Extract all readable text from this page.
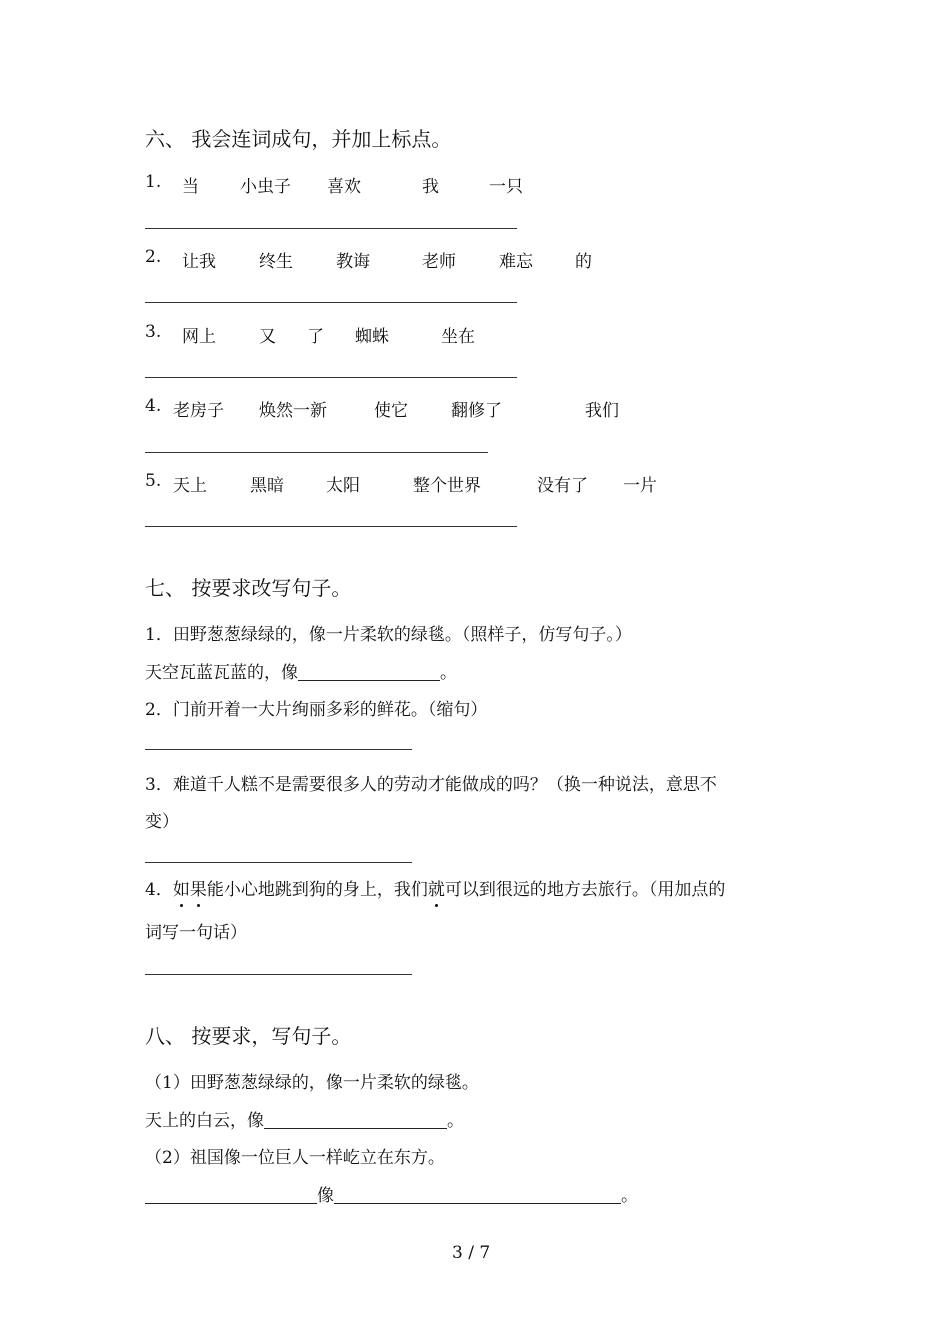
六、 我会连词成句，并加上标点。
1. 当 小虫子 喜欢	我	一只
2. 让我	终生	教诲	老师	难忘 的
3. 网上	又 了 蜘蛛	坐在
4. 老房子 焕然一新	使它	翻修了	我们
5. 天上	黑暗 太阳	整个世界	没有了 一片
七、 按要求改写句子。
1．田野葱葱绿绿的，像一片柔软的绿毯。（照样子，仿写句子。）
天空瓦蓝瓦蓝的，像	。
2．门前开着一大片绚丽多彩的鲜花。（缩句）
3．难道千人糕不是需要很多人的劳动才能做成的吗？（换一种说法，意思不
变）
4．如果能小心地跳到狗的身上，我们就可以到很远的地方去旅行。（用加点的
词写一句话）
八、 按要求，写句子。
（1）田野葱葱绿绿的，像一片柔软的绿毯。
天上的白云，像	。
（2）祖国像一位巨人一样屹立在东方。
像	。
3 / 7
